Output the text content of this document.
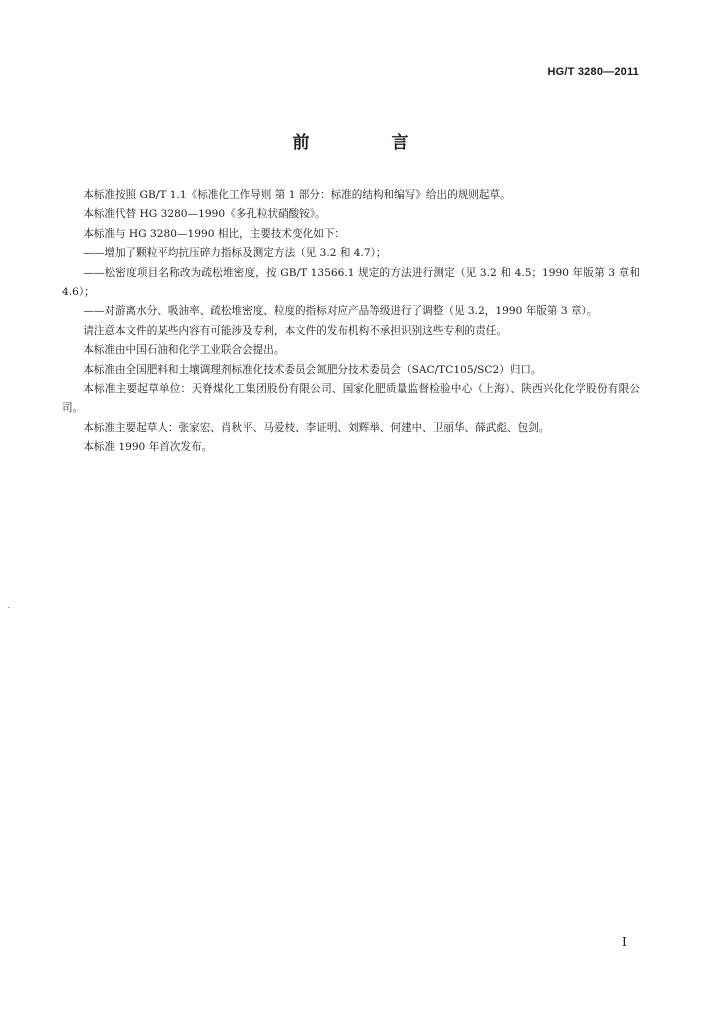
HG/T 3280—2011
前 言

本标准按照 GB/T 1.1《标准化工作导则 第 1 部分：标准的结构和编写》给出的规则起草。

本标准代替 HG 3280—1990《多孔粒状硝酸铵》。

本标准与 HG 3280—1990 相比，主要技术变化如下：

——增加了颗粒平均抗压碎力指标及测定方法（见 3.2 和 4.7）；

——松密度项目名称改为疏松堆密度，按 GB/T 13566.1 规定的方法进行测定（见 3.2 和 4.5；1990 年版第 3 章和 4.6）；

——对游离水分、吸油率、疏松堆密度、粒度的指标对应产品等级进行了调整（见 3.2，1990 年版第 3 章）。

请注意本文件的某些内容有可能涉及专利，本文件的发布机构不承担识别这些专利的责任。

本标准由中国石油和化学工业联合会提出。

本标准由全国肥料和土壤调理剂标准化技术委员会氮肥分技术委员会（SAC/TC105/SC2）归口。

本标准主要起草单位：天脊煤化工集团股份有限公司、国家化肥质量监督检验中心（上海）、陕西兴化化学股份有限公司。

本标准主要起草人：张家宏、肖秋平、马爱枝、李证明、刘辉举、何建中、卫丽华、薛武彪、包剑。

本标准 1990 年首次发布。

I
